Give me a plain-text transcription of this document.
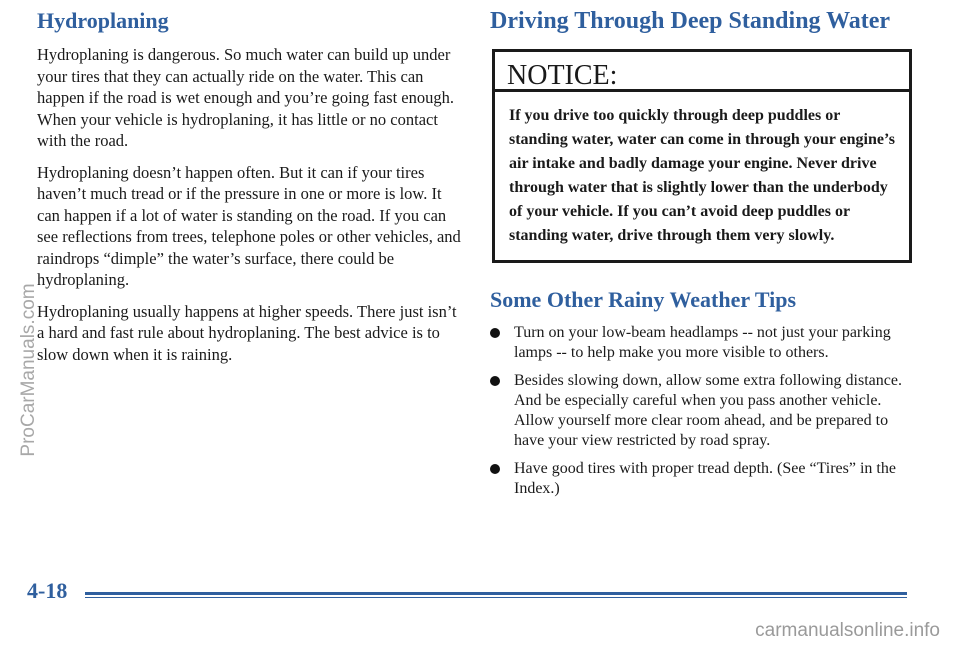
Hydroplaning

Hydroplaning is dangerous. So much water can build up under your tires that they can actually ride on the water. This can happen if the road is wet enough and you’re going fast enough. When your vehicle is hydroplaning, it has little or no contact with the road.

Hydroplaning doesn’t happen often. But it can if your tires haven’t much tread or if the pressure in one or more is low. It can happen if a lot of water is standing on the road. If you can see reflections from trees, telephone poles or other vehicles, and raindrops “dimple” the water’s surface, there could be hydroplaning.

Hydroplaning usually happens at higher speeds. There just isn’t a hard and fast rule about hydroplaning. The best advice is to slow down when it is raining.

Driving Through Deep Standing Water
NOTICE:
If you drive too quickly through deep puddles or standing water, water can come in through your engine’s air intake and badly damage your engine. Never drive through water that is slightly lower than the underbody of your vehicle. If you can’t avoid deep puddles or standing water, drive through them very slowly.
Some Other Rainy Weather Tips
Turn on your low-beam headlamps -- not just your parking lamps -- to help make you more visible to others.
Besides slowing down, allow some extra following distance. And be especially careful when you pass another vehicle. Allow yourself more clear room ahead, and be prepared to have your view restricted by road spray.
Have good tires with proper tread depth. (See “Tires” in the Index.)
4-18
ProCarManuals.com
carmanualsonline.info
